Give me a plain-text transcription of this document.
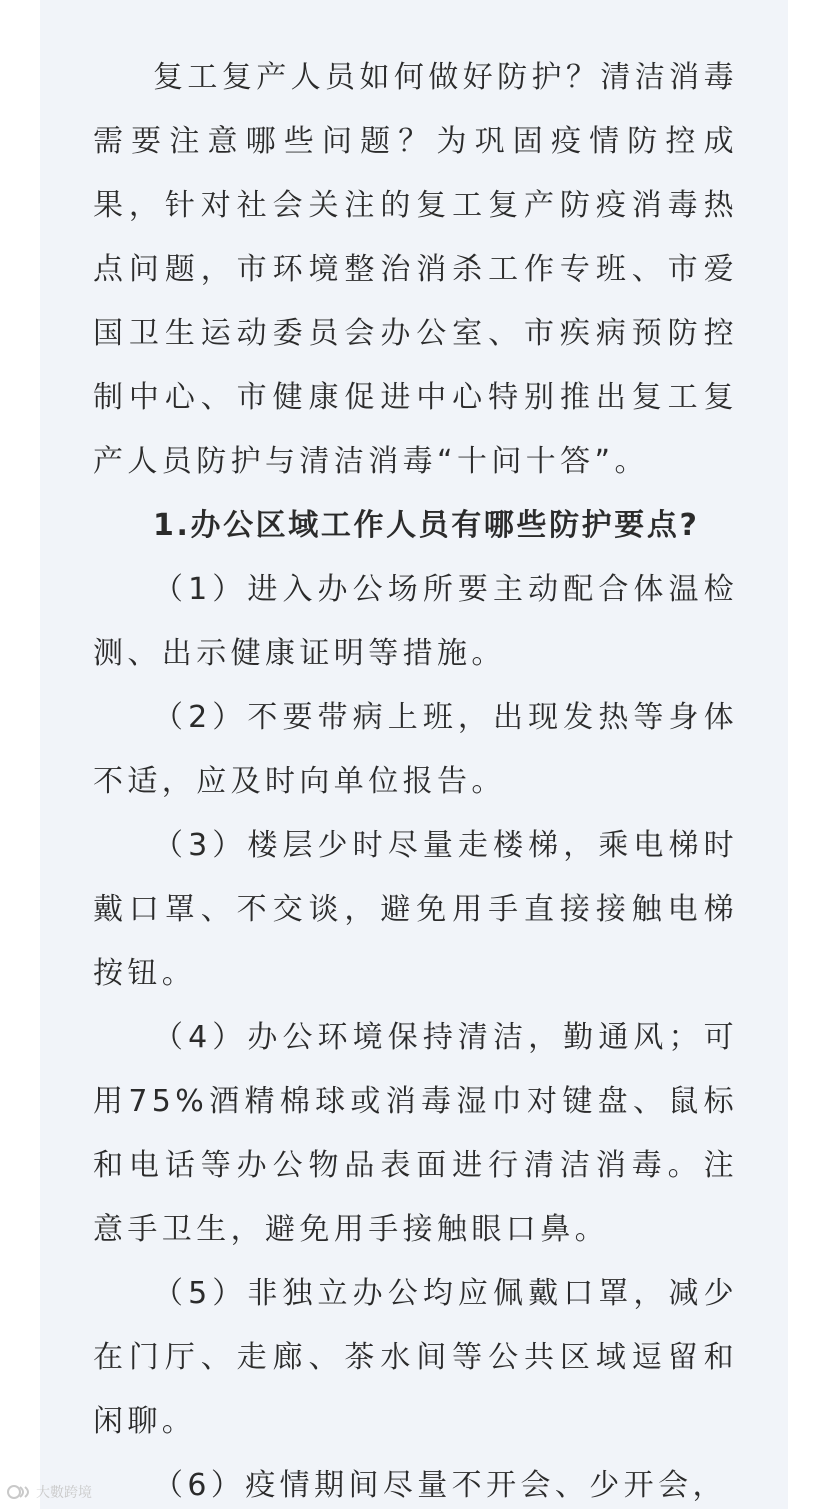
复工复产人员如何做好防护？清洁消毒需要注意哪些问题？为巩固疫情防控成果，针对社会关注的复工复产防疫消毒热点问题，市环境整治消杀工作专班、市爱国卫生运动委员会办公室、市疾病预防控制中心、市健康促进中心特别推出复工复产人员防护与清洁消毒“十问十答”。

1.办公区域工作人员有哪些防护要点?

（1）进入办公场所要主动配合体温检测、出示健康证明等措施。

（2）不要带病上班，出现发热等身体不适，应及时向单位报告。

（3）楼层少时尽量走楼梯，乘电梯时戴口罩、不交谈，避免用手直接接触电梯按钮。

（4）办公环境保持清洁，勤通风；可用75%酒精棉球或消毒湿巾对键盘、鼠标和电话等办公物品表面进行清洁消毒。注意手卫生，避免用手接触眼口鼻。

（5）非独立办公均应佩戴口罩，减少在门厅、走廊、茶水间等公共区域逗留和闲聊。

（6）疫情期间尽量不开会、少开会，

大數跨境
